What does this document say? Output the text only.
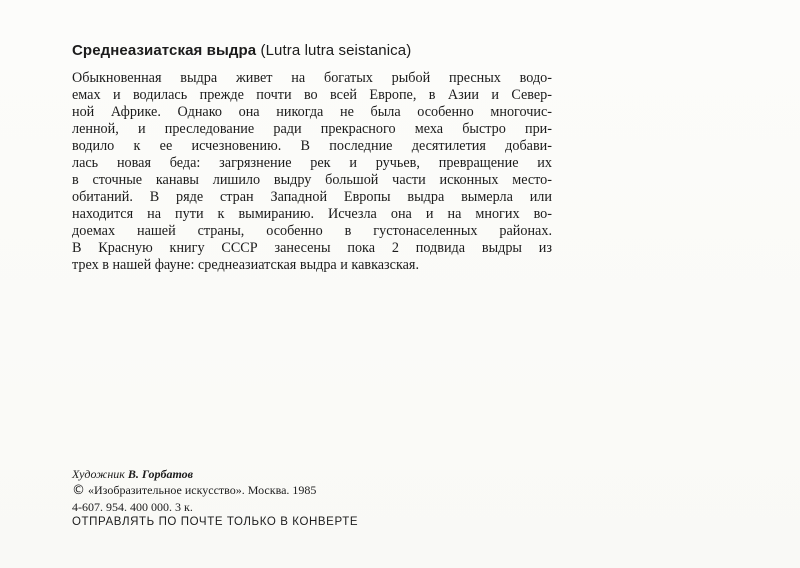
Среднеазиатская выдра (Lutra lutra seistanica)
Обыкновенная выдра живет на богатых рыбой пресных водо-
емах и водилась прежде почти во всей Европе, в Азии и Север-
ной Африке. Однако она никогда не была особенно многочис-
ленной, и преследование ради прекрасного меха быстро при-
водило к ее исчезновению. В последние десятилетия добави-
лась новая беда: загрязнение рек и ручьев, превращение их
в сточные канавы лишило выдру большой части исконных место-
обитаний. В ряде стран Западной Европы выдра вымерла или
находится на пути к вымиранию. Исчезла она и на многих во-
доемах нашей страны, особенно в густонаселенных районах.
В Красную книгу СССР занесены пока 2 подвида выдры из
трех в нашей фауне: среднеазиатская выдра и кавказская.
Художник В. Горбатов
© «Изобразительное искусство». Москва. 1985
4-607. 954. 400 000. 3 к.
ОТПРАВЛЯТЬ ПО ПОЧТЕ ТОЛЬКО В КОНВЕРТЕ
